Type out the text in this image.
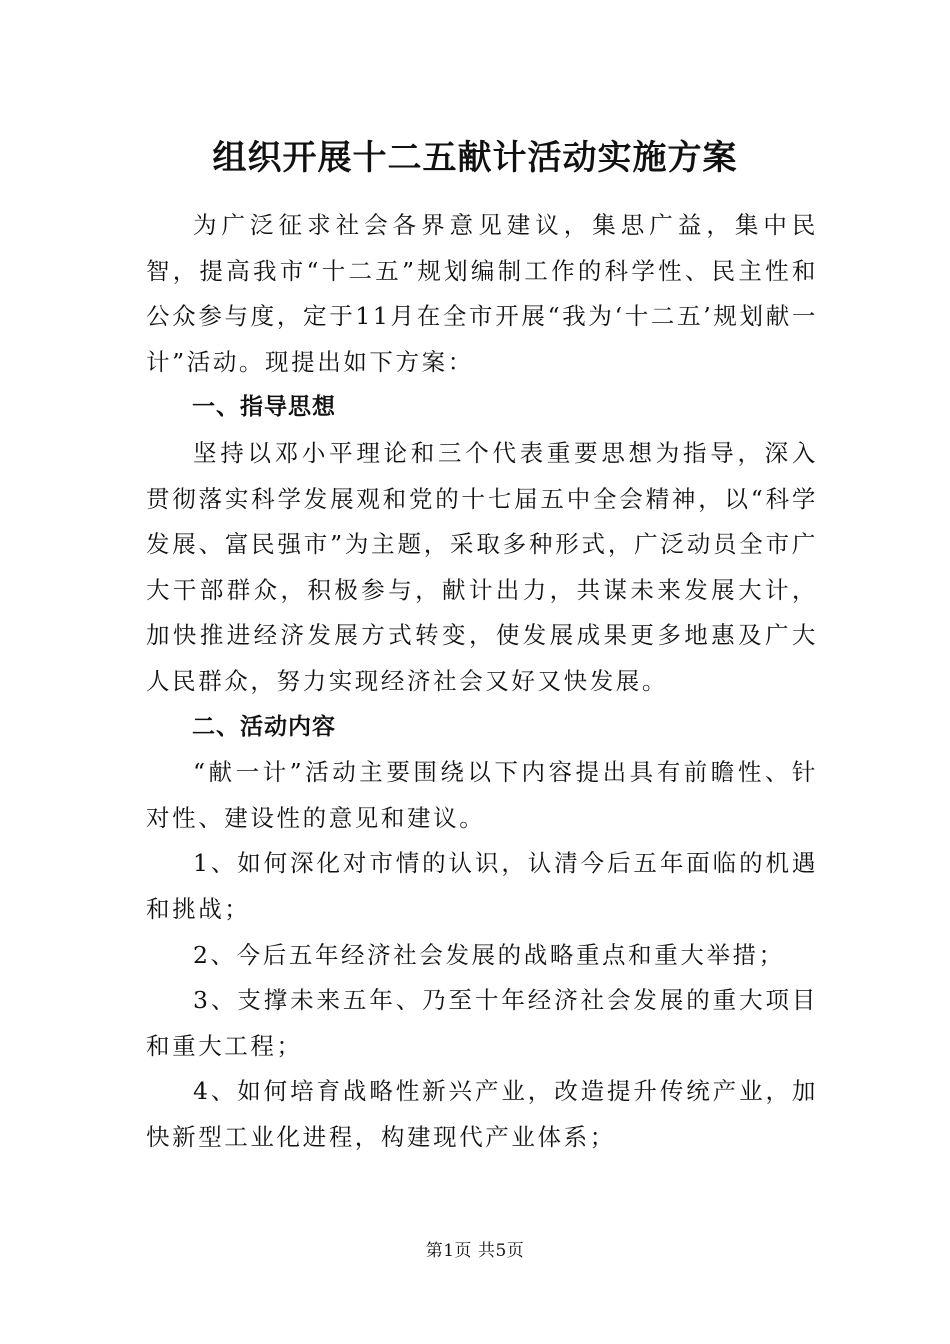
组织开展十二五献计活动实施方案

为广泛征求社会各界意见建议，集思广益，集中民智，提高我市“十二五”规划编制工作的科学性、民主性和公众参与度，定于11月在全市开展“我为‘十二五’规划献一计”活动。现提出如下方案：

一、指导思想

坚持以邓小平理论和三个代表重要思想为指导，深入贯彻落实科学发展观和党的十七届五中全会精神，以“科学发展、富民强市”为主题，采取多种形式，广泛动员全市广大干部群众，积极参与，献计出力，共谋未来发展大计，加快推进经济发展方式转变，使发展成果更多地惠及广大人民群众，努力实现经济社会又好又快发展。

二、活动内容

“献一计”活动主要围绕以下内容提出具有前瞻性、针对性、建设性的意见和建议。

1、如何深化对市情的认识，认清今后五年面临的机遇和挑战；

2、今后五年经济社会发展的战略重点和重大举措；

3、支撑未来五年、乃至十年经济社会发展的重大项目和重大工程；

4、如何培育战略性新兴产业，改造提升传统产业，加快新型工业化进程，构建现代产业体系；

第1页 共5页
